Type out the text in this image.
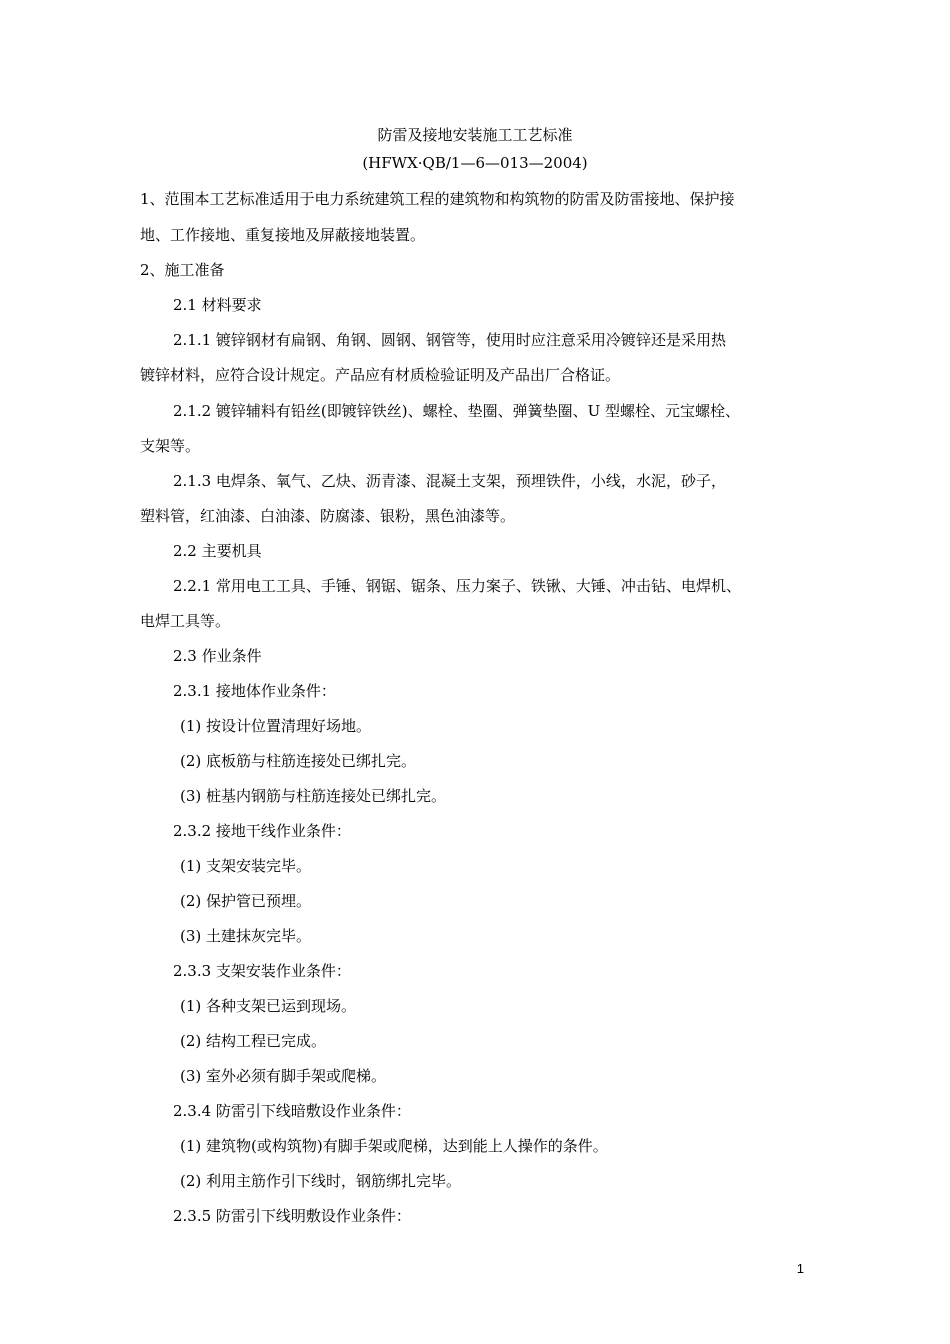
防雷及接地安装施工工艺标准
(HFWX·QB/1—6—013—2004)
1、范围本工艺标准适用于电力系统建筑工程的建筑物和构筑物的防雷及防雷接地、保护接
地、工作接地、重复接地及屏蔽接地装置。
2、施工准备
2.1 材料要求
2.1.1 镀锌钢材有扁钢、角钢、圆钢、钢管等，使用时应注意采用冷镀锌还是采用热
镀锌材料，应符合设计规定。产品应有材质检验证明及产品出厂合格证。
2.1.2 镀锌辅料有铅丝(即镀锌铁丝)、螺栓、垫圈、弹簧垫圈、U 型螺栓、元宝螺栓、
支架等。
2.1.3 电焊条、氧气、乙炔、沥青漆、混凝土支架，预埋铁件，小线，水泥，砂子，
塑料管，红油漆、白油漆、防腐漆、银粉，黑色油漆等。
2.2 主要机具
2.2.1 常用电工工具、手锤、钢锯、锯条、压力案子、铁锹、大锤、冲击钻、电焊机、
电焊工具等。
2.3 作业条件
2.3.1 接地体作业条件：
(1) 按设计位置清理好场地。
(2) 底板筋与柱筋连接处已绑扎完。
(3) 桩基内钢筋与柱筋连接处已绑扎完。
2.3.2 接地干线作业条件：
(1) 支架安装完毕。
(2) 保护管已预埋。
(3) 土建抹灰完毕。
2.3.3 支架安装作业条件：
(1) 各种支架已运到现场。
(2) 结构工程已完成。
(3) 室外必须有脚手架或爬梯。
2.3.4 防雷引下线暗敷设作业条件：
(1) 建筑物(或构筑物)有脚手架或爬梯，达到能上人操作的条件。
(2) 利用主筋作引下线时，钢筋绑扎完毕。
2.3.5 防雷引下线明敷设作业条件：
1
